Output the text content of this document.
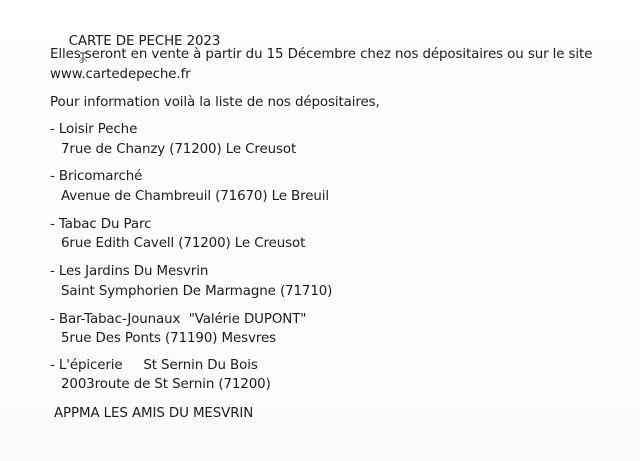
CARTE DE PECHE 2023

Elles seront en vente à partir du 15 Décembre chez nos dépositaires ou sur le site
www.cartedepeche.fr
Pour information voilà la liste de nos dépositaires,
- Loisir Peche
7rue de Chanzy (71200) Le Creusot
- Bricomarché
Avenue de Chambreuil (71670) Le Breuil
- Tabac Du Parc
6rue Edith Cavell (71200) Le Creusot
- Les Jardins Du Mesvrin
Saint Symphorien De Marmagne (71710)
- Bar-Tabac-Jounaux  "Valérie DUPONT"
5rue Des Ponts (71190) Mesvres
- L'épicerie     St Sernin Du Bois
2003route de St Sernin (71200)
APPMA LES AMIS DU MESVRIN
